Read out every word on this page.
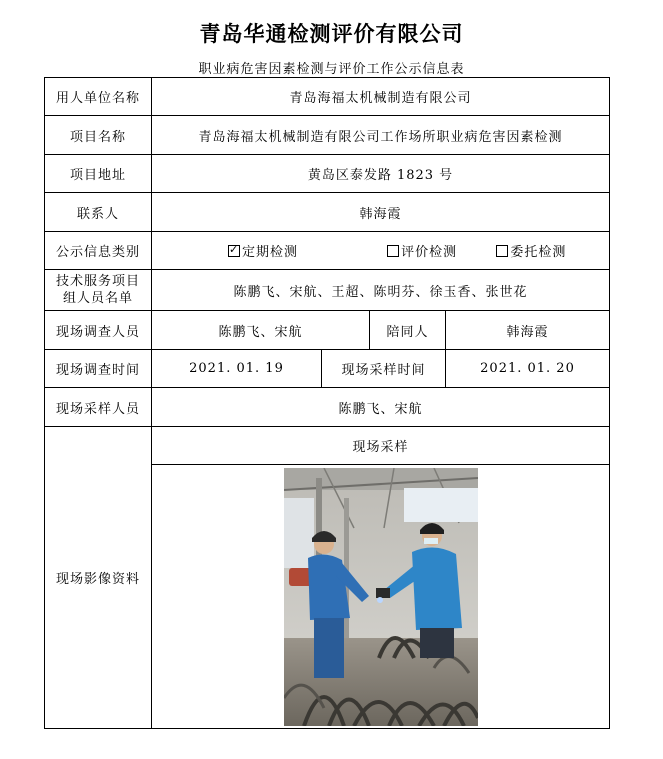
青岛华通检测评价有限公司
职业病危害因素检测与评价工作公示信息表
用人单位名称	青岛海福太机械制造有限公司			
项目名称	青岛海福太机械制造有限公司工作场所职业病危害因素检测			
项目地址	黄岛区泰发路 1823 号			
联系人	韩海霞			
公示信息类别	✓定期检测 评价检测 委托检测
技术服务项目
组人员名单	陈鹏飞、宋航、王超、陈明芬、徐玉香、张世花			
现场调查人员	陈鹏飞、宋航		陪同人	韩海霞
现场调查时间	2021. 01. 19	现场采样时间		2021. 01. 20
现场采样人员	陈鹏飞、宋航			
现场影像资料	现场采样			
